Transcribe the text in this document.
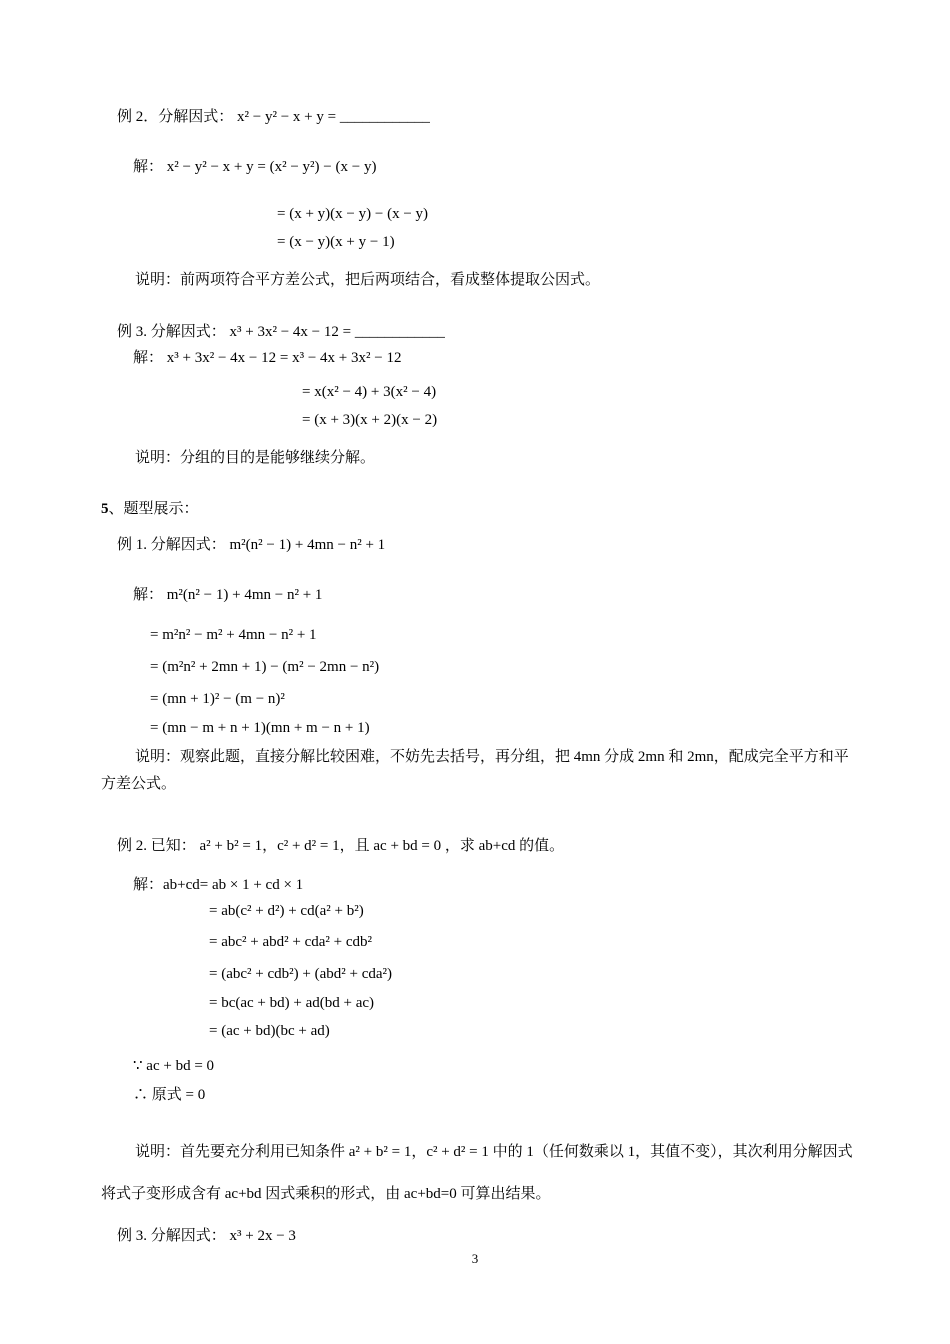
例 2．分解因式： x² − y² − x + y = ____________
解： x² − y² − x + y = (x² − y²) − (x − y)
= (x + y)(x − y) − (x − y)
= (x − y)(x + y − 1)
说明：前两项符合平方差公式，把后两项结合，看成整体提取公因式。
例 3. 分解因式： x³ + 3x² − 4x − 12 = ____________
解： x³ + 3x² − 4x − 12 = x³ − 4x + 3x² − 12
= x(x² − 4) + 3(x² − 4)
= (x + 3)(x + 2)(x − 2)
说明：分组的目的是能够继续分解。
5、题型展示：
例 1. 分解因式： m²(n² − 1) + 4mn − n² + 1
解： m²(n² − 1) + 4mn − n² + 1
= m²n² − m² + 4mn − n² + 1
= (m²n² + 2mn + 1) − (m² − 2mn − n²)
= (mn + 1)² − (m − n)²
= (mn − m + n + 1)(mn + m − n + 1)
说明：观察此题，直接分解比较困难，不妨先去括号，再分组，把 4mn 分成 2mn 和 2mn，配成完全平方和平方差公式。
例 2. 已知： a² + b² = 1，c² + d² = 1，且 ac + bd = 0 ，求 ab+cd 的值。
解：ab+cd= ab × 1 + cd × 1
= ab(c² + d²) + cd(a² + b²)
= abc² + abd² + cda² + cdb²
= (abc² + cdb²) + (abd² + cda²)
= bc(ac + bd) + ad(bd + ac)
= (ac + bd)(bc + ad)
∵ ac + bd = 0
∴ 原式 = 0
说明：首先要充分利用已知条件 a² + b² = 1，c² + d² = 1 中的 1（任何数乘以 1，其值不变），其次利用分解因式将式子变形成含有 ac+bd 因式乘积的形式，由 ac+bd=0 可算出结果。
例 3. 分解因式： x³ + 2x − 3
3
